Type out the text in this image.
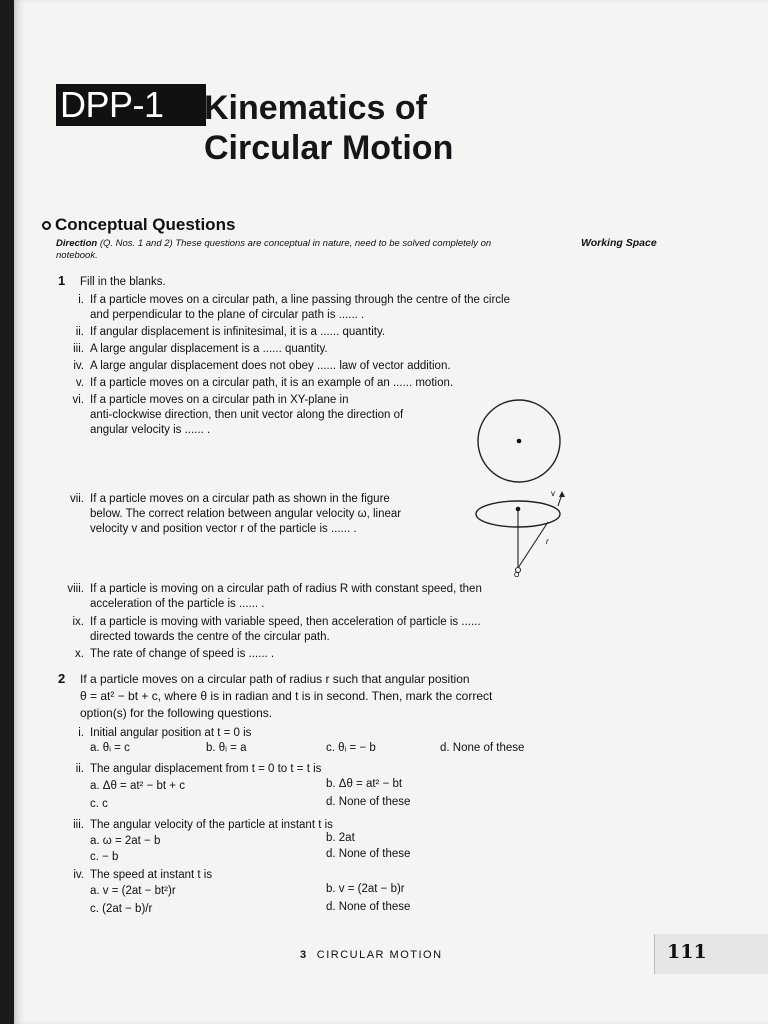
DPP-1	Kinematics of
Circular Motion
Conceptual Questions
Direction (Q. Nos. 1 and 2) These questions are conceptual in nature, need to be solved completely on
notebook.
Working Space
1 Fill in the blanks.
i. If a particle moves on a circular path, a line passing through the centre of the circle
and perpendicular to the plane of circular path is ...... .
ii. If angular displacement is infinitesimal, it is a ...... quantity.
iii. A large angular displacement is a ...... quantity.
iv. A large angular displacement does not obey ...... law of vector addition.
v. If a particle moves on a circular path, it is an example of an ...... motion.
vi. If a particle moves on a circular path in XY-plane in
anti-clockwise direction, then unit vector along the direction of
angular velocity is ...... .
vii. If a particle moves on a circular path as shown in the figure
below. The correct relation between angular velocity ω, linear
velocity v and position vector r of the particle is ...... .
v
r
O
viii. If a particle is moving on a circular path of radius R with constant speed, then
acceleration of the particle is ...... .
ix. If a particle is moving with variable speed, then acceleration of particle is ......
directed towards the centre of the circular path.
x. The rate of change of speed is ...... .
2 If a particle moves on a circular path of radius r such that angular position
θ = at² − bt + c, where θ is in radian and t is in second. Then, mark the correct
option(s) for the following questions.
i. Initial angular position at t = 0 is
a. θᵢ = c	b. θᵢ = a	c. θᵢ = − b	d. None of these
ii. The angular displacement from t = 0 to t = t is
a. Δθ = at² − bt + c	b. Δθ = at² − bt
c. c	d. None of these
iii. The angular velocity of the particle at instant t is
a. ω = 2at − b	b. 2at
c. − b	d. None of these
iv. The speed at instant t is
a. v = (2at − bt²)r	b. v = (2at − b)r
c. (2at − b)/r	d. None of these
3 CIRCULAR MOTION	111
